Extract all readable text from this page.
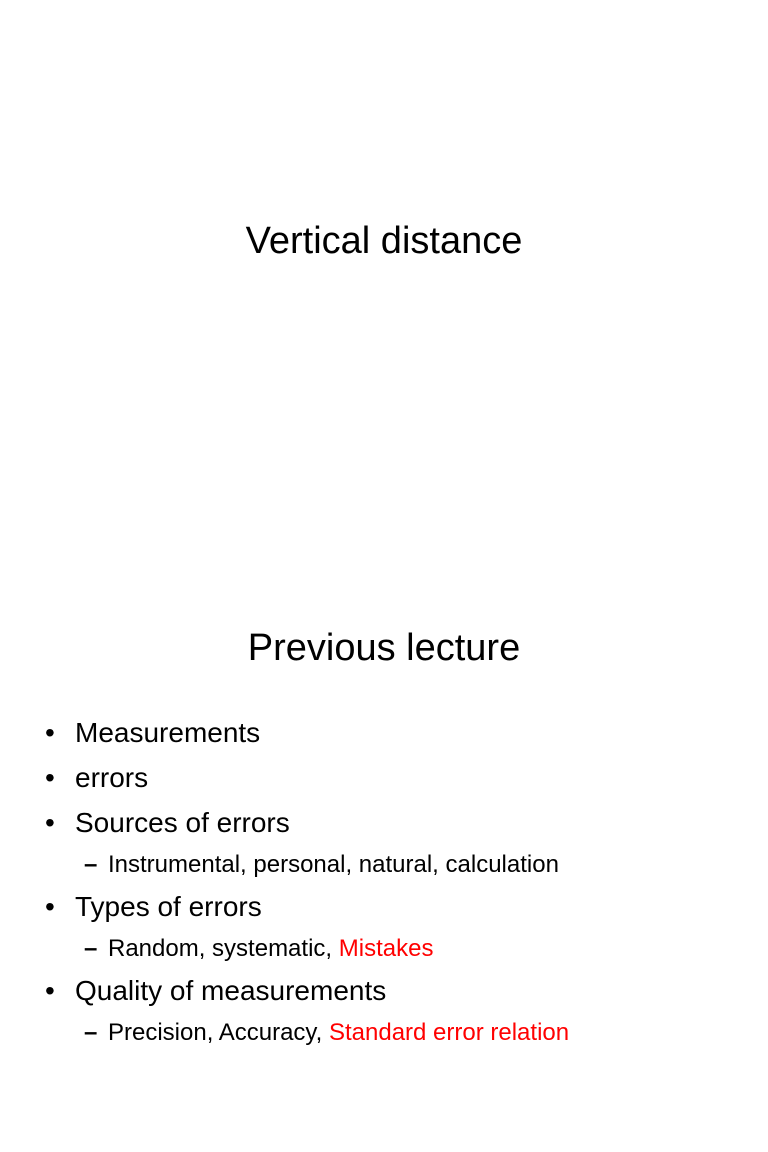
Vertical distance
Previous lecture
• Measurements
• errors
• Sources of errors
– Instrumental, personal, natural, calculation
• Types of errors
– Random, systematic, Mistakes
• Quality of measurements
– Precision, Accuracy, Standard error relation
